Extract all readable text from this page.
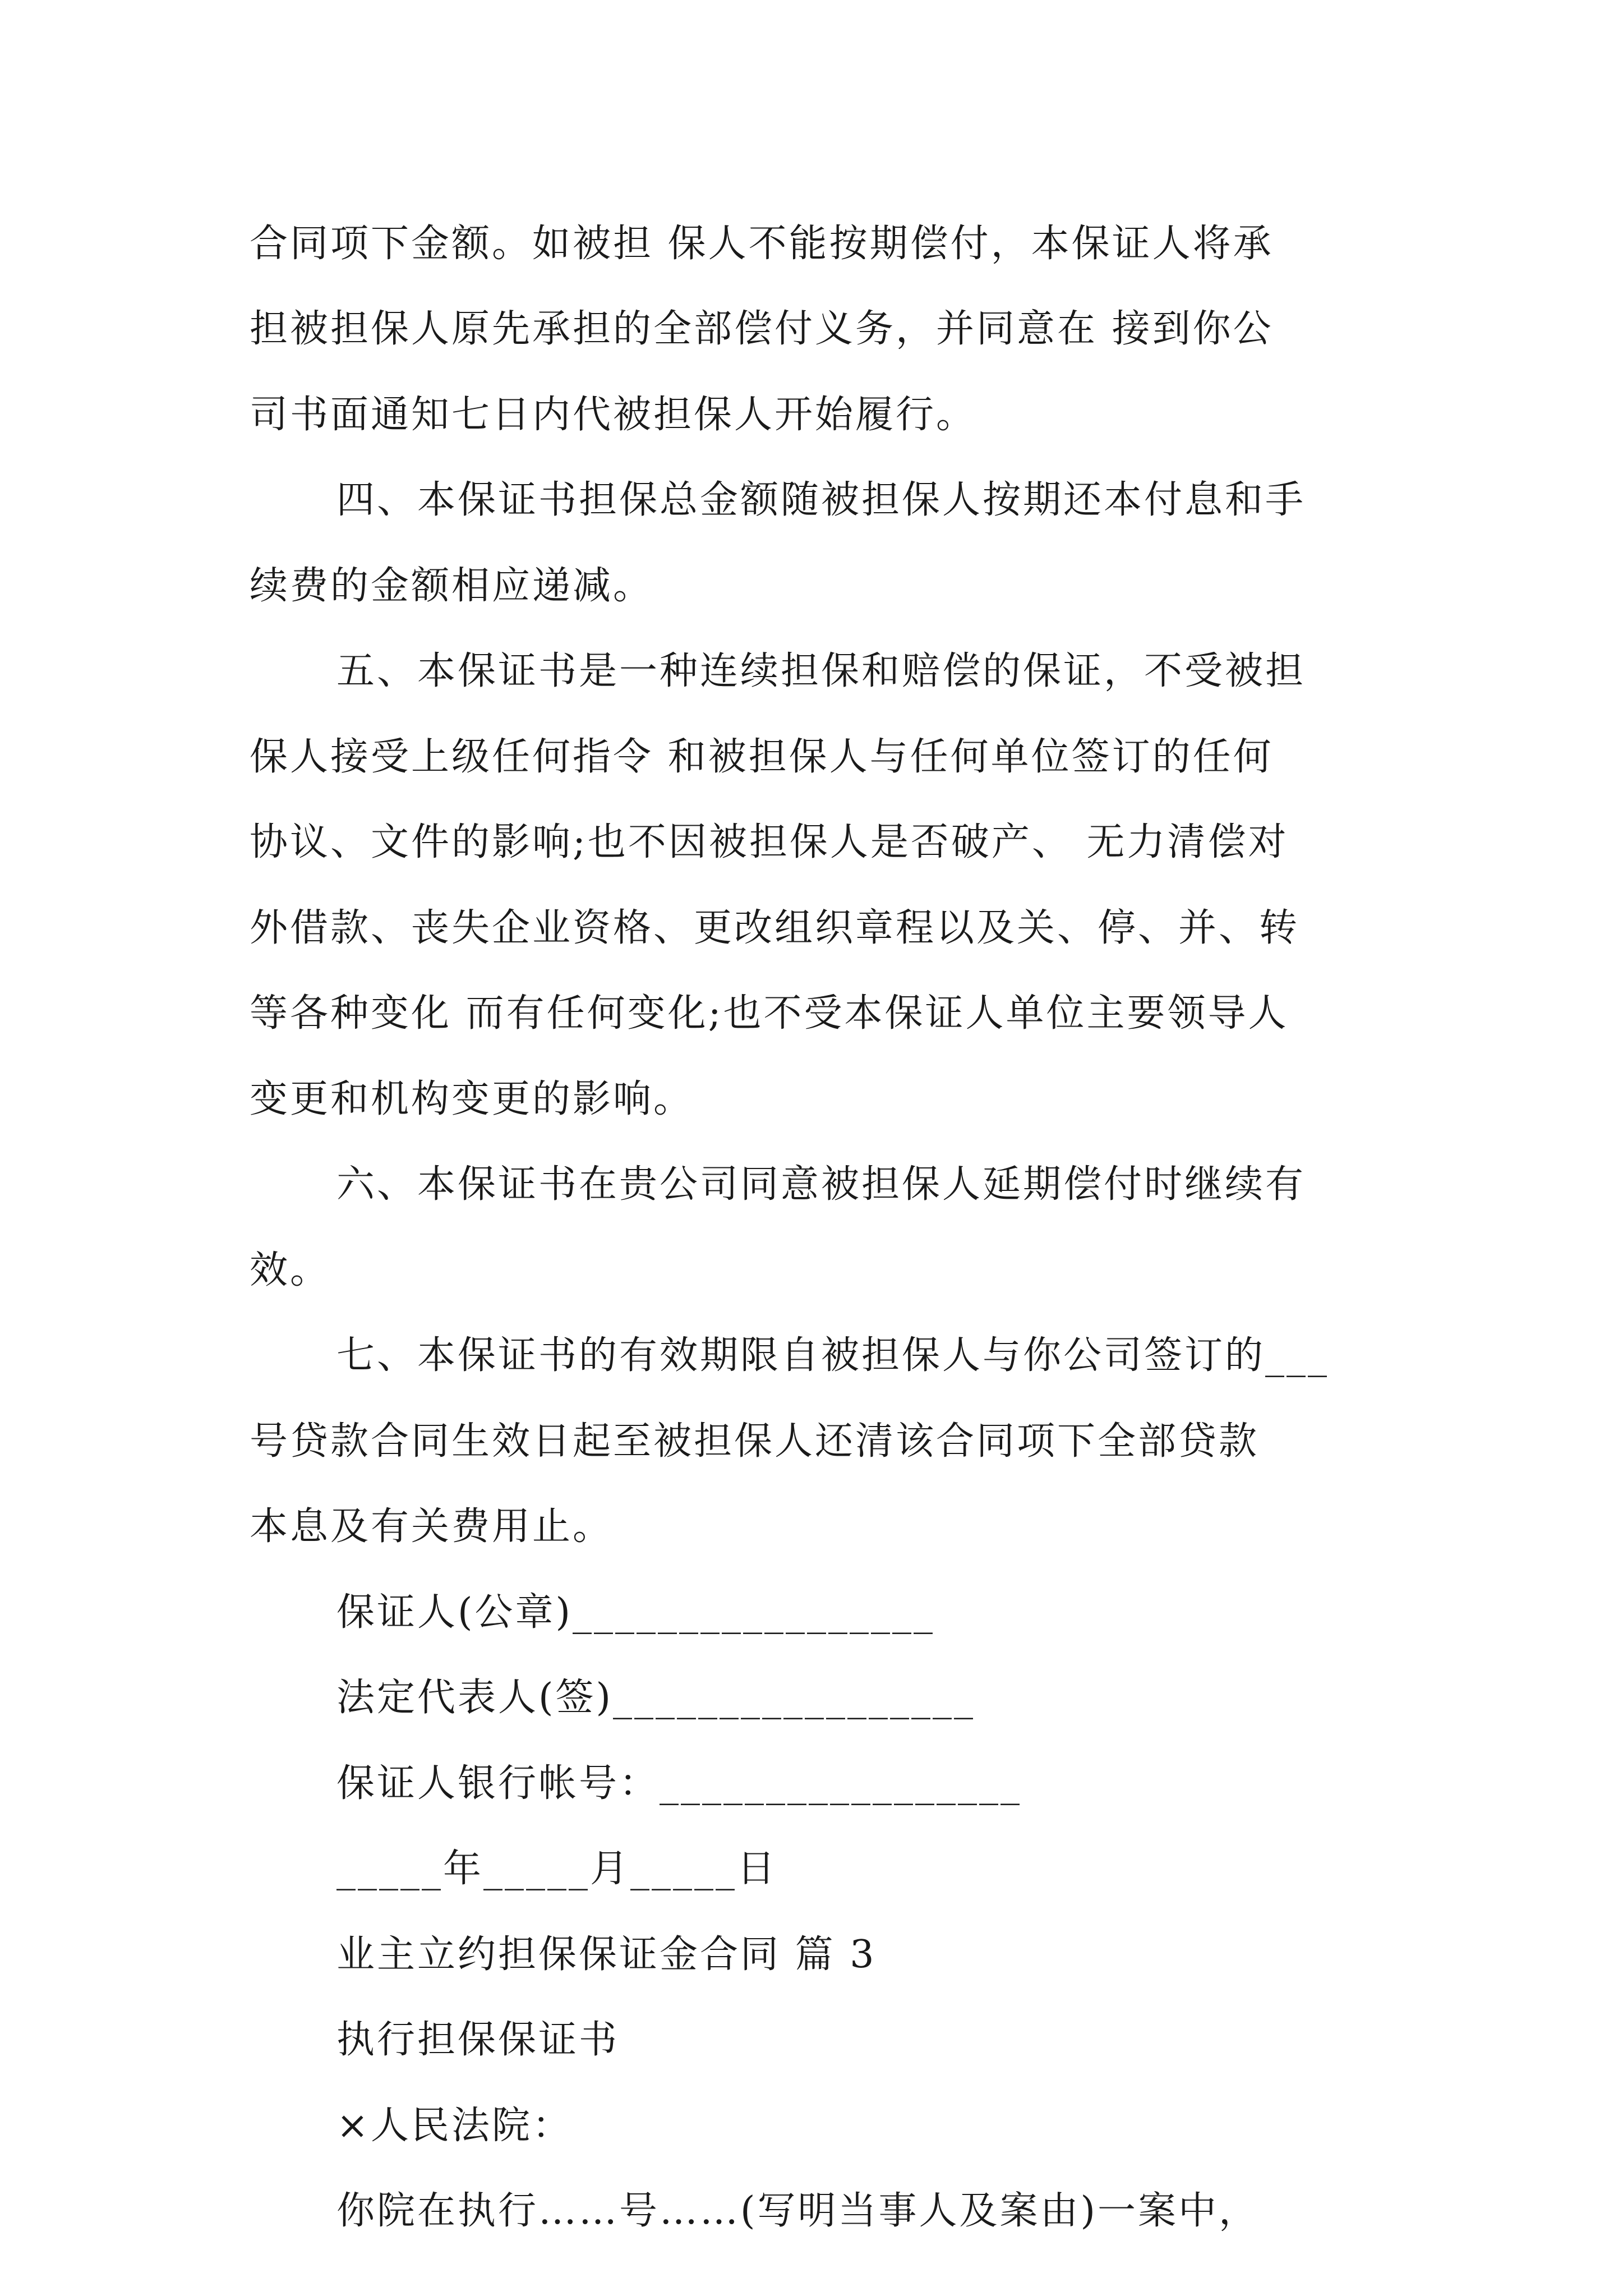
合同项下金额。如被担 保人不能按期偿付，本保证人将承
担被担保人原先承担的全部偿付义务，并同意在 接到你公
司书面通知七日内代被担保人开始履行。
四、本保证书担保总金额随被担保人按期还本付息和手
续费的金额相应递减。
五、本保证书是一种连续担保和赔偿的保证，不受被担
保人接受上级任何指令 和被担保人与任何单位签订的任何
协议、文件的影响;也不因被担保人是否破产、 无力清偿对
外借款、丧失企业资格、更改组织章程以及关、停、并、转
等各种变化 而有任何变化;也不受本保证人单位主要领导人
变更和机构变更的影响。
六、本保证书在贵公司同意被担保人延期偿付时继续有
效。
七、本保证书的有效期限自被担保人与你公司签订的___
号贷款合同生效日起至被担保人还清该合同项下全部贷款
本息及有关费用止。
保证人(公章)_________________
法定代表人(签)_________________
保证人银行帐号：_________________
_____年_____月_____日
业主立约担保保证金合同 篇 3
执行担保保证书
×人民法院：
你院在执行……号……(写明当事人及案由)一案中，
